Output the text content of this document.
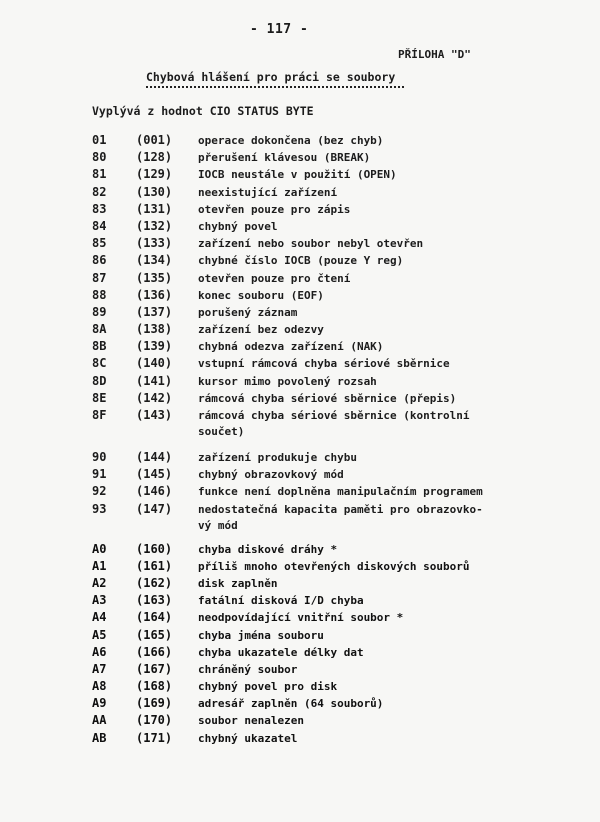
- 117 -
PŘÍLOHA "D"
Chybová hlášení pro práci se soubory
Vyplývá z hodnot CIO STATUS BYTE
01 (001) operace dokončena (bez chyb)
80 (128) přerušení klávesou (BREAK)
81 (129) IOCB neustále v použití (OPEN)
82 (130) neexistující zařízení
83 (131) otevřen pouze pro zápis
84 (132) chybný povel
85 (133) zařízení nebo soubor nebyl otevřen
86 (134) chybné číslo IOCB (pouze Y reg)
87 (135) otevřen pouze pro čtení
88 (136) konec souboru (EOF)
89 (137) porušený záznam
8A (138) zařízení bez odezvy
8B (139) chybná odezva zařízení (NAK)
8C (140) vstupní rámcová chyba sériové sběrnice
8D (141) kursor mimo povolený rozsah
8E (142) rámcová chyba sériové sběrnice (přepis)
8F (143) rámcová chyba sériové sběrnice (kontrolní
součet)
90 (144) zařízení produkuje chybu
91 (145) chybný obrazovkový mód
92 (146) funkce není doplněna manipulačním programem
93 (147) nedostatečná kapacita paměti pro obrazovko-
vý mód
A0 (160) chyba diskové dráhy *
A1 (161) příliš mnoho otevřených diskových souborů
A2 (162) disk zaplněn
A3 (163) fatální disková I/D chyba
A4 (164) neodpovídající vnitřní soubor *
A5 (165) chyba jména souboru
A6 (166) chyba ukazatele délky dat
A7 (167) chráněný soubor
A8 (168) chybný povel pro disk
A9 (169) adresář zaplněn (64 souborů)
AA (170) soubor nenalezen
AB (171) chybný ukazatel
